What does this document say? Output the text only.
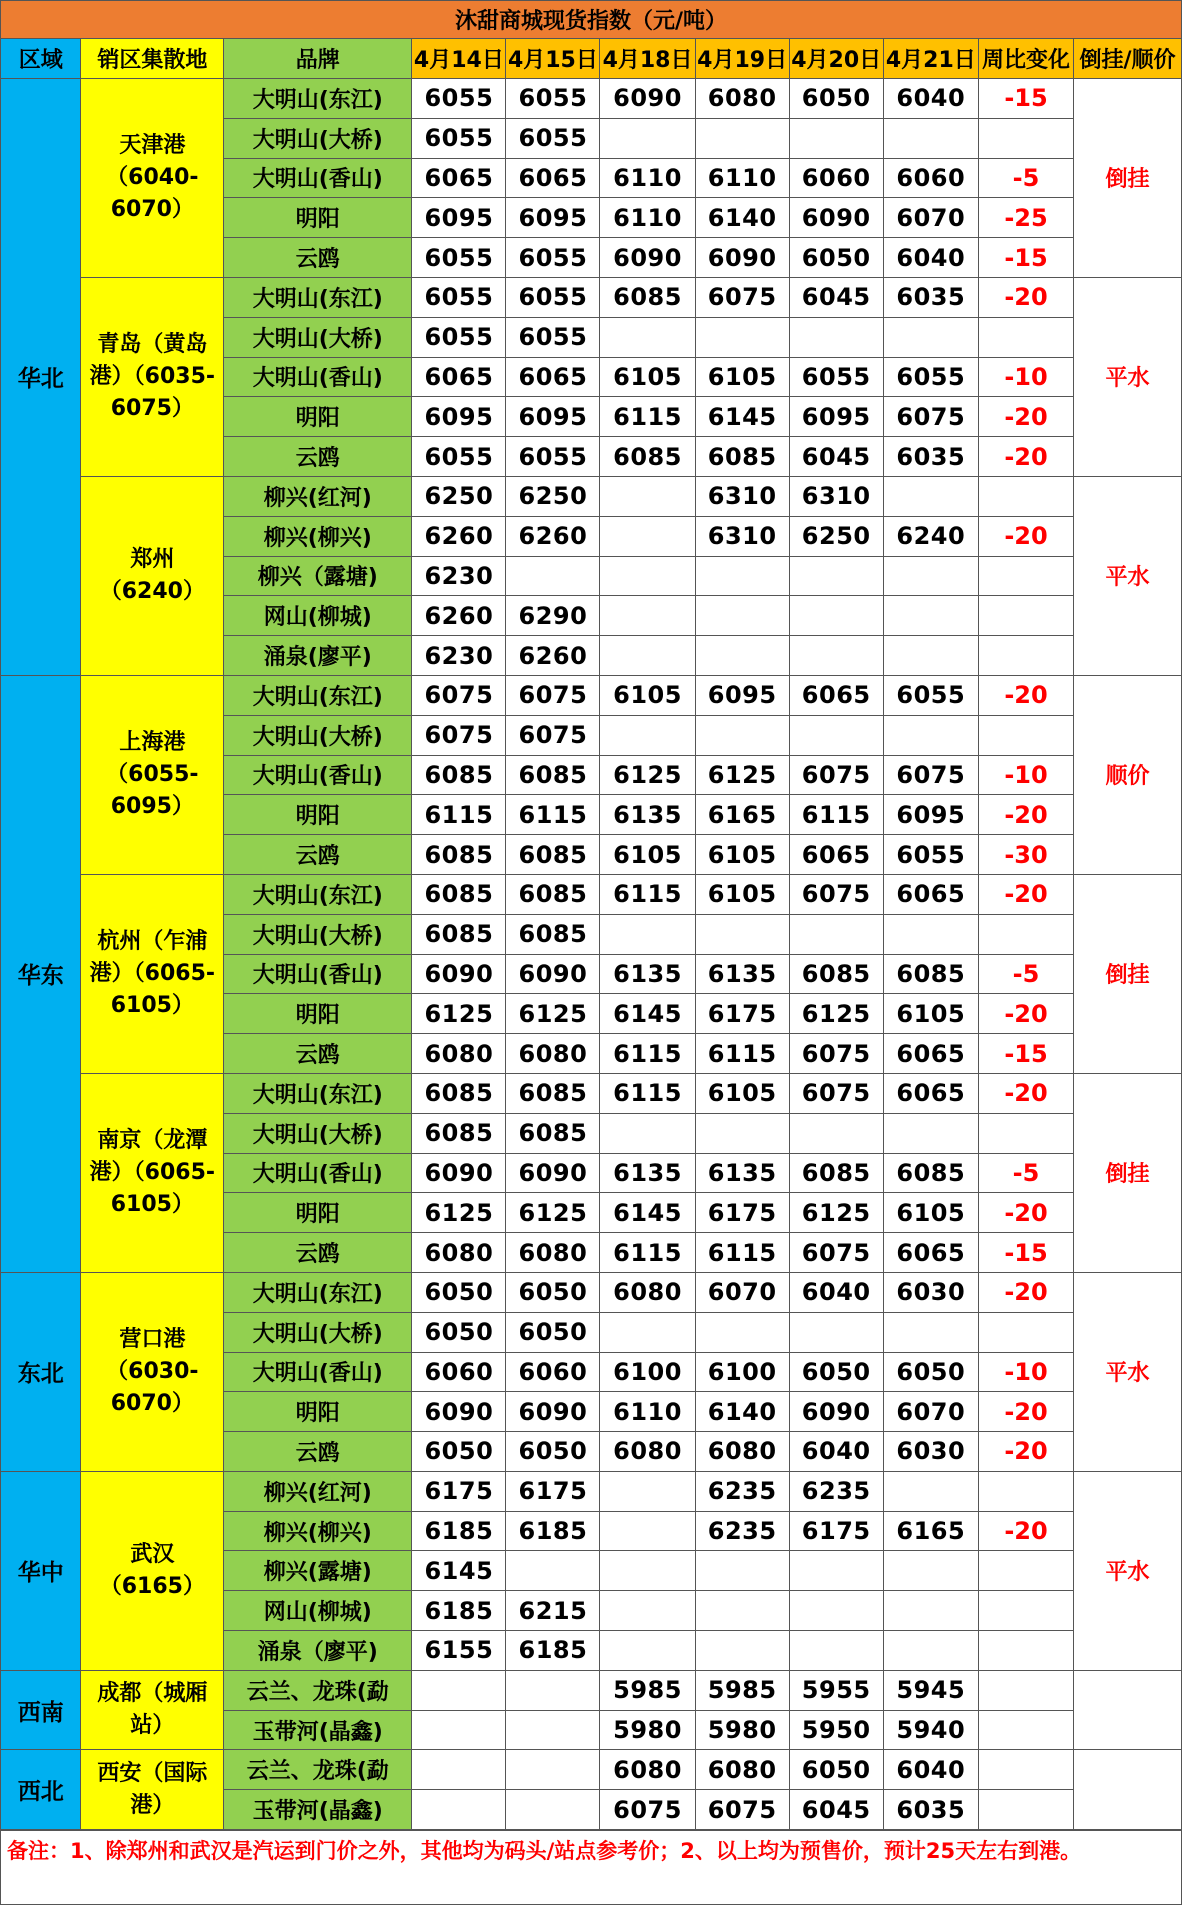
沐甜商城现货指数（元/吨）										
区域	销区集散地	品牌	4月14日	4月15日	4月18日	4月19日	4月20日	4月21日	周比变化	倒挂/顺价
华北	天津港（6040-6070）	大明山(东江)	6055	6055	6090	6080	6050	6040	-15	倒挂
		大明山(大桥)	6055	6055						
		大明山(香山)	6065	6065	6110	6110	6060	6060	-5	
		明阳	6095	6095	6110	6140	6090	6070	-25	
		云鸥	6055	6055	6090	6090	6050	6040	-15	
	青岛（黄岛港）（6035-6075）	大明山(东江)	6055	6055	6085	6075	6045	6035	-20	平水
		大明山(大桥)	6055	6055						
		大明山(香山)	6065	6065	6105	6105	6055	6055	-10	
		明阳	6095	6095	6115	6145	6095	6075	-20	
		云鸥	6055	6055	6085	6085	6045	6035	-20	
	郑州（6240）	柳兴(红河)	6250	6250		6310	6310			平水
		柳兴(柳兴)	6260	6260		6310	6250	6240	-20	
		柳兴（露塘)	6230							
		网山(柳城)	6260	6290						
		涌泉(廖平)	6230	6260						
华东	上海港（6055-6095）	大明山(东江)	6075	6075	6105	6095	6065	6055	-20	顺价
		大明山(大桥)	6075	6075						
		大明山(香山)	6085	6085	6125	6125	6075	6075	-10	
		明阳	6115	6115	6135	6165	6115	6095	-20	
		云鸥	6085	6085	6105	6105	6065	6055	-30	
	杭州（乍浦港）（6065-6105）	大明山(东江)	6085	6085	6115	6105	6075	6065	-20	倒挂
		大明山(大桥)	6085	6085						
		大明山(香山)	6090	6090	6135	6135	6085	6085	-5	
		明阳	6125	6125	6145	6175	6125	6105	-20	
		云鸥	6080	6080	6115	6115	6075	6065	-15	
	南京（龙潭港）（6065-6105）	大明山(东江)	6085	6085	6115	6105	6075	6065	-20	倒挂
		大明山(大桥)	6085	6085						
		大明山(香山)	6090	6090	6135	6135	6085	6085	-5	
		明阳	6125	6125	6145	6175	6125	6105	-20	
		云鸥	6080	6080	6115	6115	6075	6065	-15	
东北	营口港（6030-6070）	大明山(东江)	6050	6050	6080	6070	6040	6030	-20	平水
		大明山(大桥)	6050	6050						
		大明山(香山)	6060	6060	6100	6100	6050	6050	-10	
		明阳	6090	6090	6110	6140	6090	6070	-20	
		云鸥	6050	6050	6080	6080	6040	6030	-20	
华中	武汉（6165）	柳兴(红河)	6175	6175		6235	6235			平水
		柳兴(柳兴)	6185	6185		6235	6175	6165	-20	
		柳兴(露塘)	6145							
		网山(柳城)	6185	6215						
		涌泉（廖平)	6155	6185						
西南	成都（城厢站）	云兰、龙珠(勐			5985	5985	5955	5945		
		玉带河(晶鑫)			5980	5980	5950	5940		
西北	西安（国际港）	云兰、龙珠(勐			6080	6080	6050	6040		
		玉带河(晶鑫)			6075	6075	6045	6035		
备注：1、除郑州和武汉是汽运到门价之外，其他均为码头/站点参考价；2、以上均为预售价，预计25天左右到港。
